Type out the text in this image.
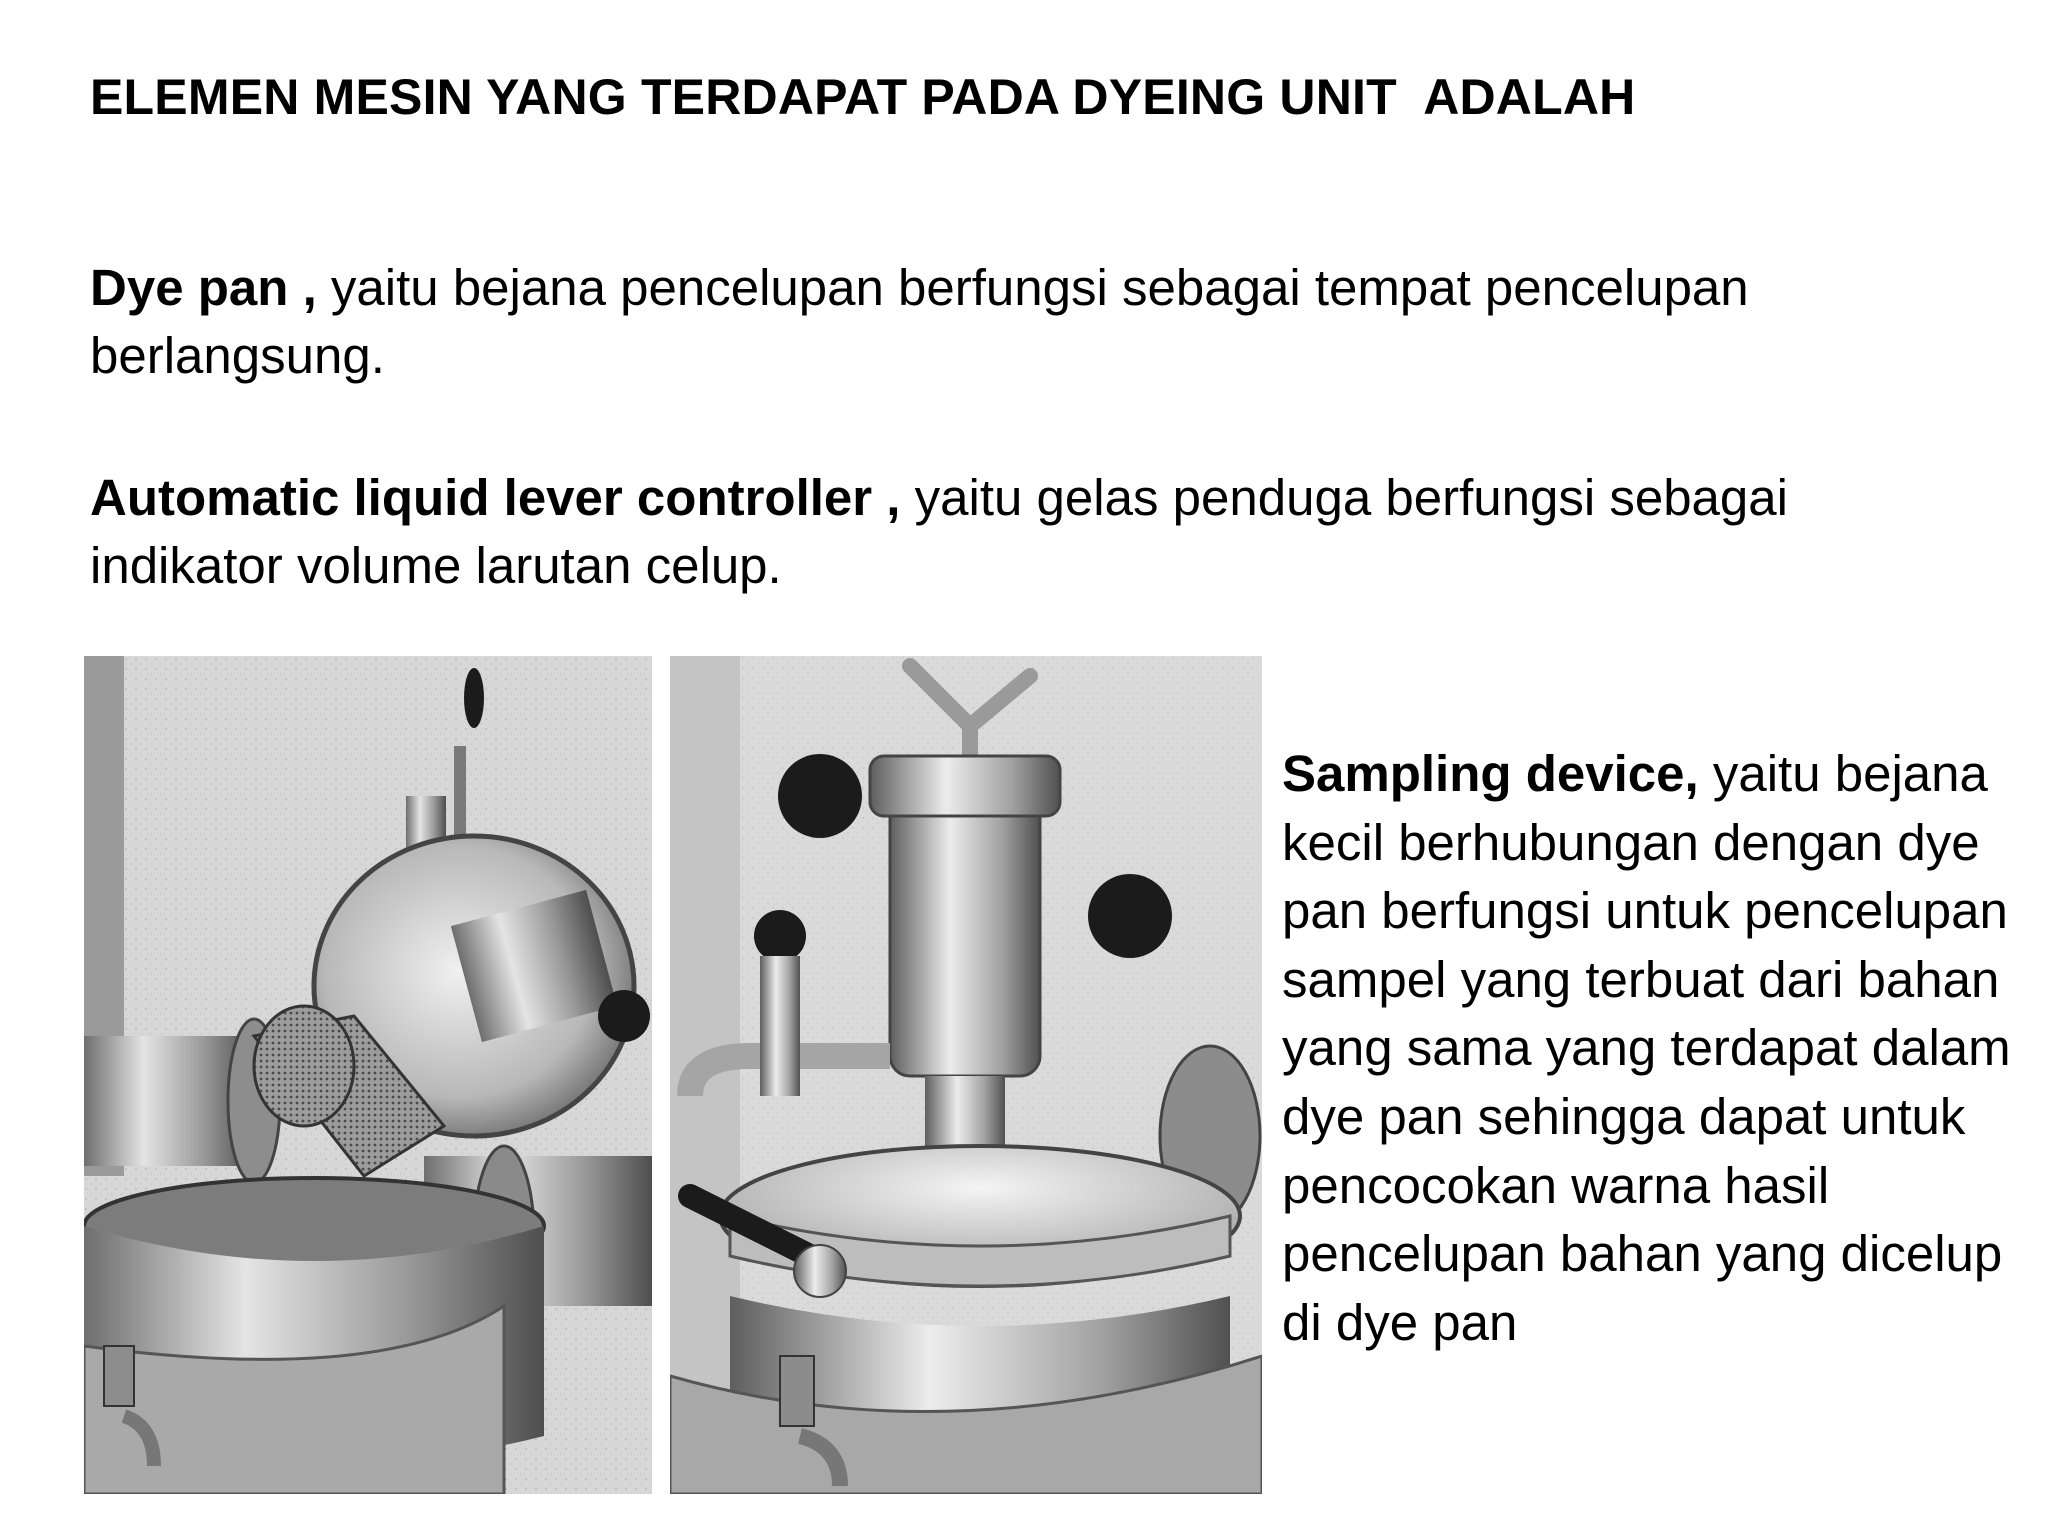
ELEMEN MESIN YANG TERDAPAT PADA DYEING UNIT  ADALAH
Dye pan , yaitu bejana pencelupan berfungsi sebagai tempat pencelupan berlangsung.
Automatic liquid lever controller , yaitu gelas penduga berfungsi sebagai indikator volume larutan celup.
Sampling device, yaitu bejana kecil berhubungan dengan dye pan berfungsi untuk pencelupan sampel yang terbuat dari bahan yang sama yang terdapat dalam dye pan sehingga dapat untuk pencocokan warna hasil pencelupan bahan yang dicelup di dye pan
